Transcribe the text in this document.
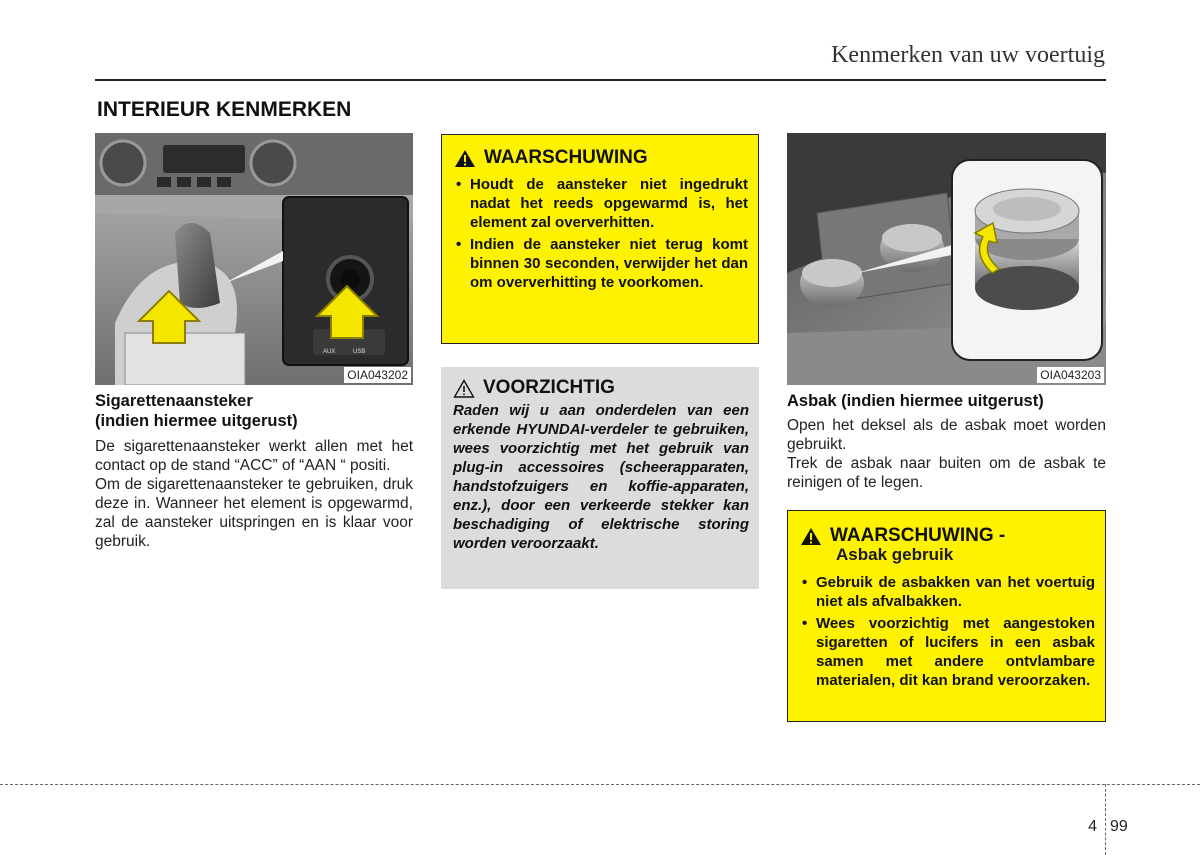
Kenmerken van uw voertuig
INTERIEUR KENMERKEN
AUX	USB
OIA043202
Sigarettenaansteker
(indien hiermee uitgerust)

De sigarettenaansteker werkt allen met het contact op de stand “ACC” of “AAN “ positi.

Om de sigarettenaansteker te gebruiken, druk deze in. Wanneer het element is opgewarmd, zal de aansteker uitspringen en is klaar voor gebruik.

WAARSCHUWING
• Houdt de aansteker niet ingedrukt nadat het reeds opgewarmd is, het element zal oververhitten.
• Indien de aansteker niet terug komt binnen 30 seconden, verwijder het dan om oververhitting te voorkomen.
VOORZICHTIG
Raden wij u aan onderdelen van een erkende HYUNDAI-verdeler te gebruiken, wees voorzichtig met het gebruik van plug-in accessoires (scheerapparaten, handstofzuigers en koffie-apparaten, enz.), door een verkeerde stekker kan beschadiging of elektrische storing worden veroorzaakt.
OIA043203
Asbak (indien hiermee uitgerust)

Open het deksel als de asbak moet worden gebruikt.

Trek de asbak naar buiten om de asbak te reinigen of te legen.

WAARSCHUWING -
Asbak gebruik
• Gebruik de asbakken van het voertuig niet als afvalbakken.
• Wees voorzichtig met aangestoken sigaretten of lucifers in een asbak samen met andere ontvlambare materialen, dit kan brand veroorzaken.
4 99
